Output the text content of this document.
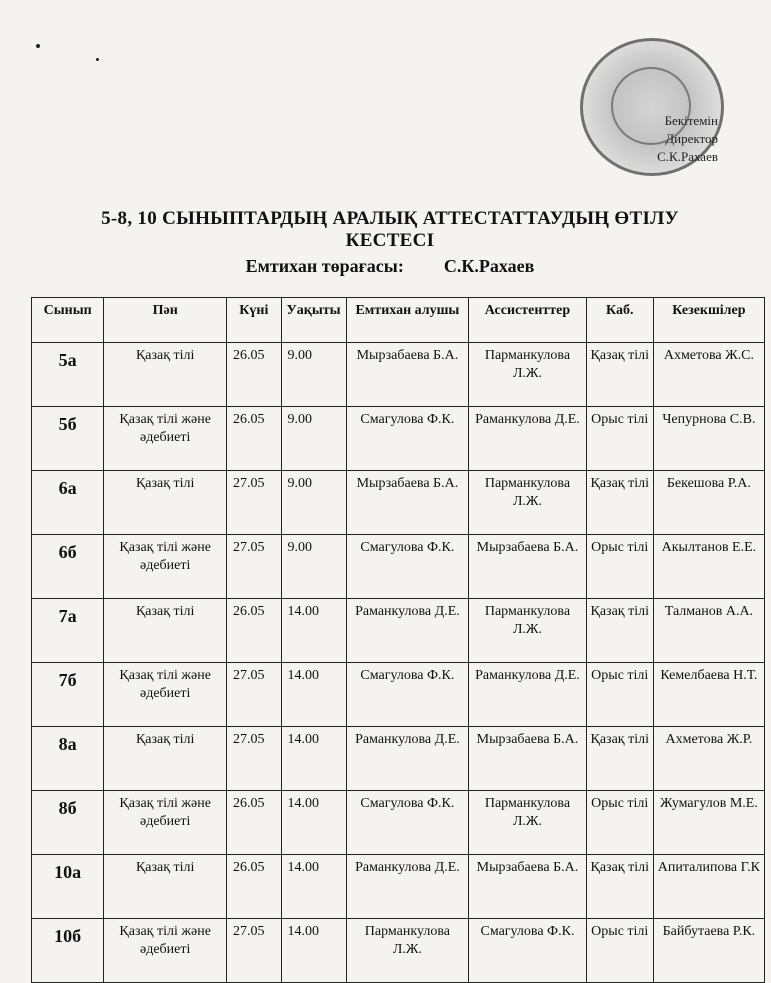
Бекітемін
Директор
С.К.Рахаев
5-8, 10 СЫНЫПТАРДЫҢ АРАЛЫҚ АТТЕСТАТТАУДЫҢ ӨТІЛУ
КЕСТЕСІ
Емтихан төрағасы: С.К.Рахаев
Сынып	Пән	Күні	Уақыты	Емтихан алушы	Ассистенттер	Каб.	Кезекшілер
5а	Қазақ тілі	26.05	9.00	Мырзабаева Б.А.	Парманкулова Л.Ж.	Қазақ тілі	Ахметова Ж.С.
5б	Қазақ тілі және әдебиеті	26.05	9.00	Смагулова Ф.К.	Раманкулова Д.Е.	Орыс тілі	Чепурнова С.В.
6а	Қазақ тілі	27.05	9.00	Мырзабаева Б.А.	Парманкулова Л.Ж.	Қазақ тілі	Бекешова Р.А.
6б	Қазақ тілі және әдебиеті	27.05	9.00	Смагулова Ф.К.	Мырзабаева Б.А.	Орыс тілі	Акылтанов Е.Е.
7а	Қазақ тілі	26.05	14.00	Раманкулова Д.Е.	Парманкулова Л.Ж.	Қазақ тілі	Талманов А.А.
7б	Қазақ тілі және әдебиеті	27.05	14.00	Смагулова Ф.К.	Раманкулова Д.Е.	Орыс тілі	Кемелбаева Н.Т.
8а	Қазақ тілі	27.05	14.00	Раманкулова Д.Е.	Мырзабаева Б.А.	Қазақ тілі	Ахметова Ж.Р.
8б	Қазақ тілі және әдебиеті	26.05	14.00	Смагулова Ф.К.	Парманкулова Л.Ж.	Орыс тілі	Жумагулов М.Е.
10а	Қазақ тілі	26.05	14.00	Раманкулова Д.Е.	Мырзабаева Б.А.	Қазақ тілі	Апиталипова Г.К
10б	Қазақ тілі және әдебиеті	27.05	14.00	Парманкулова Л.Ж.	Смагулова Ф.К.	Орыс тілі	Байбутаева Р.К.
